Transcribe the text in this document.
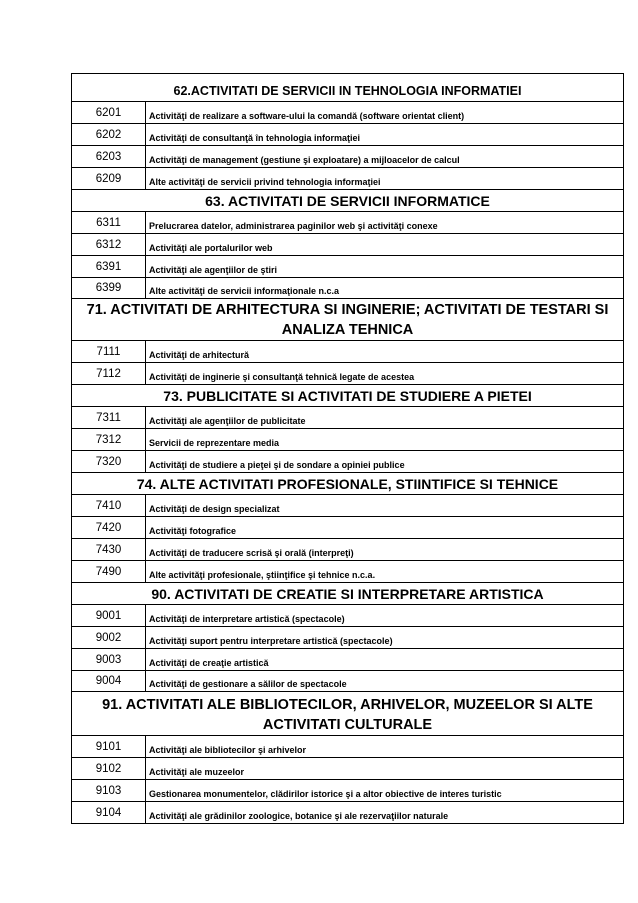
62.ACTIVITATI DE SERVICII IN TEHNOLOGIA INFORMATIEI	
6201	Activităţi de realizare a software-ului la comandă (software orientat client)
6202	Activităţi de consultanţă în tehnologia informaţiei
6203	Activităţi de management (gestiune şi exploatare) a mijloacelor de calcul
6209	Alte activităţi de servicii privind tehnologia informaţiei
63. ACTIVITATI DE SERVICII INFORMATICE	
6311	Prelucrarea datelor, administrarea paginilor web şi activităţi conexe
6312	Activităţi ale portalurilor web
6391	Activităţi ale agenţiilor de ştiri
6399	Alte activităţi de servicii informaţionale n.c.a
71. ACTIVITATI DE ARHITECTURA SI INGINERIE; ACTIVITATI DE TESTARI SI ANALIZA TEHNICA	
7111	Activităţi de arhitectură
7112	Activităţi de inginerie şi consultanţă tehnică legate de acestea
73. PUBLICITATE SI ACTIVITATI DE STUDIERE A PIETEI	
7311	Activităţi ale agenţiilor de publicitate
7312	Servicii de reprezentare media
7320	Activităţi de studiere a pieţei şi de sondare a opiniei publice
74. ALTE ACTIVITATI PROFESIONALE, STIINTIFICE SI TEHNICE	
7410	Activităţi de design specializat
7420	Activităţi fotografice
7430	Activităţi de traducere scrisă şi orală (interpreţi)
7490	Alte activităţi profesionale, ştiinţifice şi tehnice n.c.a.
90. ACTIVITATI DE CREATIE SI INTERPRETARE ARTISTICA	
9001	Activităţi de interpretare artistică (spectacole)
9002	Activităţi suport pentru interpretare artistică (spectacole)
9003	Activităţi de creaţie artistică
9004	Activităţi de gestionare a sălilor de spectacole
91. ACTIVITATI ALE BIBLIOTECILOR, ARHIVELOR, MUZEELOR SI ALTE ACTIVITATI CULTURALE	
9101	Activităţi ale bibliotecilor şi arhivelor
9102	Activităţi ale muzeelor
9103	Gestionarea monumentelor, clădirilor istorice şi a altor obiective de interes turistic
9104	Activităţi ale grădinilor zoologice, botanice şi ale rezervaţiilor naturale
